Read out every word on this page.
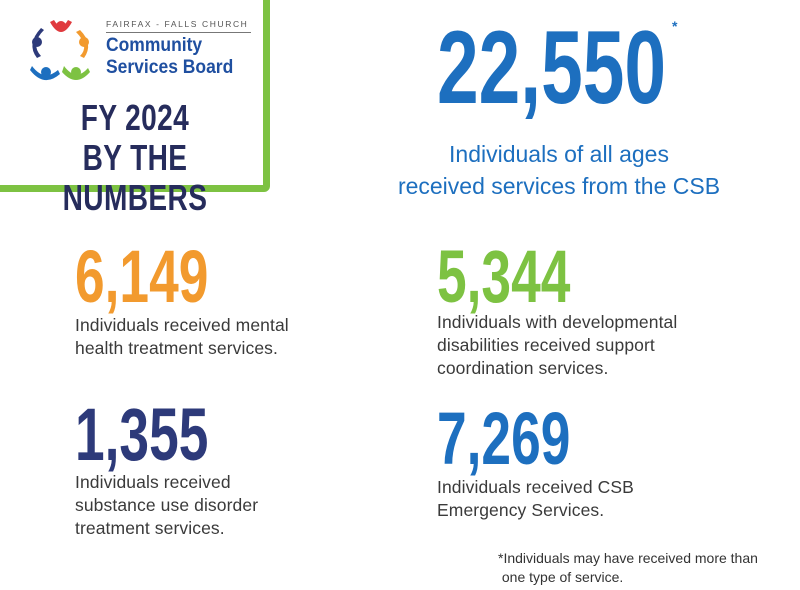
FAIRFAX - FALLS CHURCH
Community
Services Board
FY 2024
BY THE NUMBERS
22,550 *
Individuals of all ages
received services from the CSB
6,149
Individuals received mental
health treatment services.
5,344
Individuals with developmental
disabilities received support
coordination services.
1,355
Individuals received
substance use disorder
treatment services.
7,269
Individuals received CSB
Emergency Services.
*Individuals may have received more than
one type of service.
